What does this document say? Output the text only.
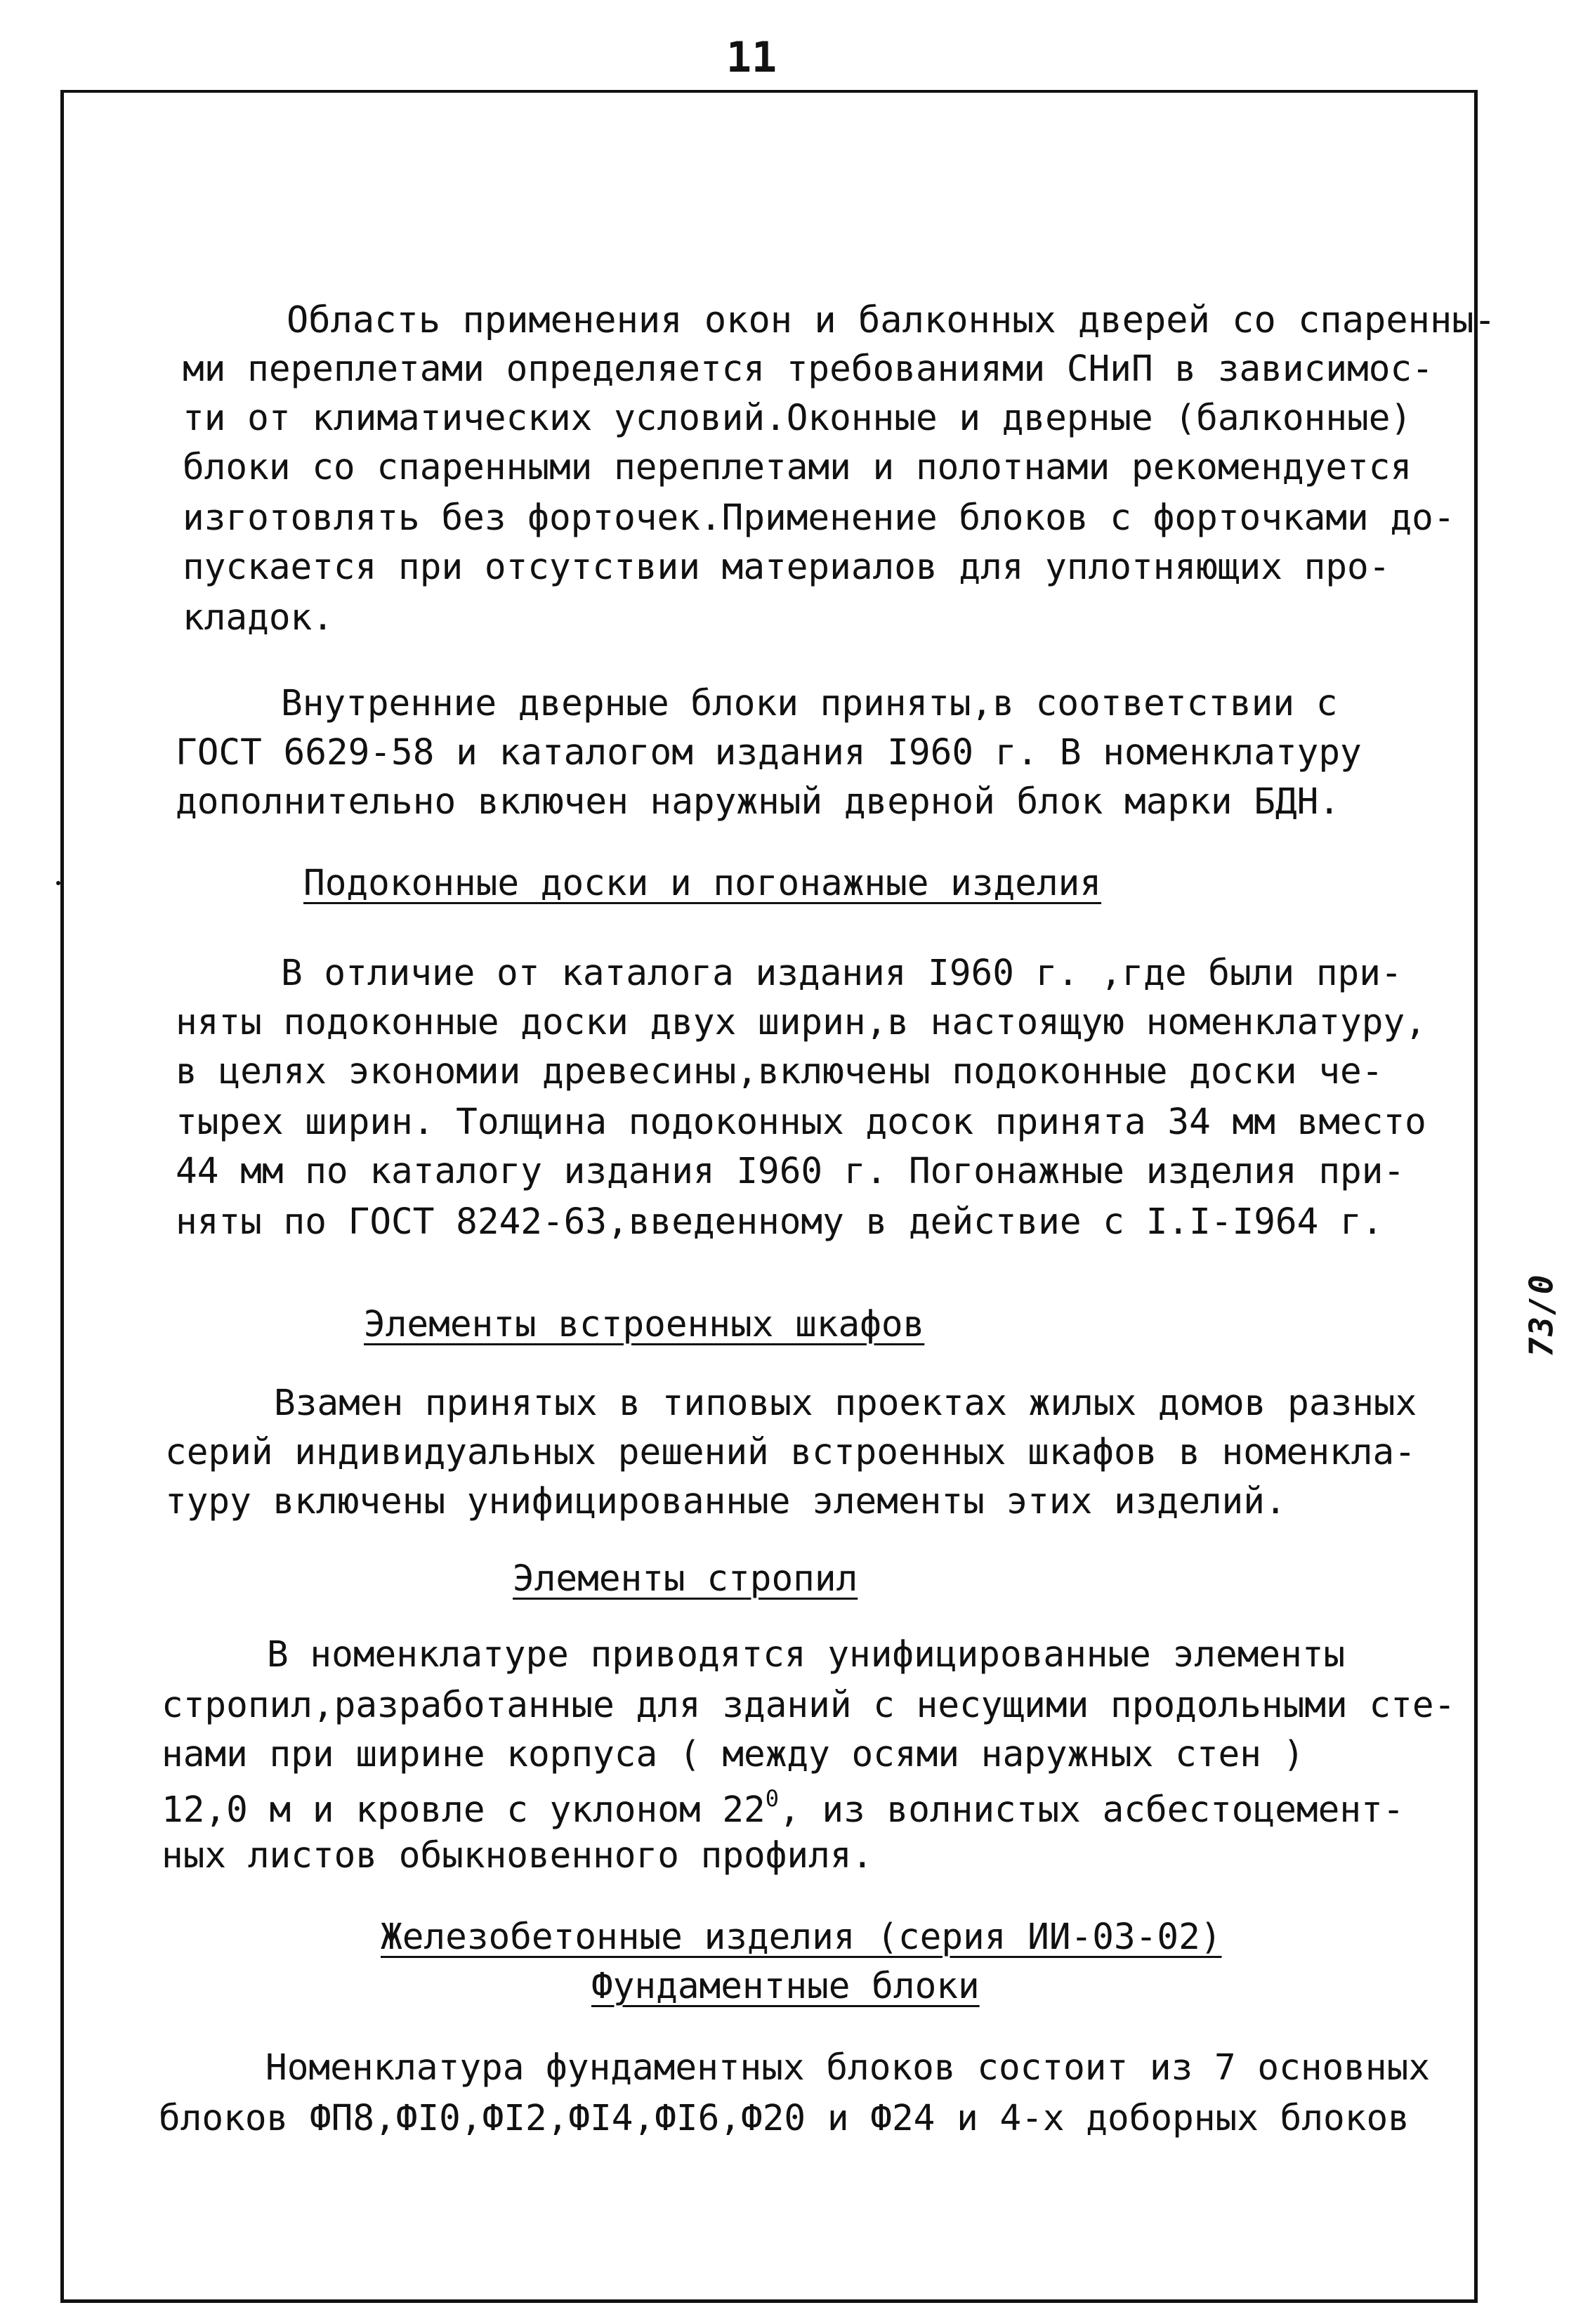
11
73/0
Область применения окон и балконных дверей со спаренны-
ми переплетами определяется требованиями СНиП в зависимос-
ти от климатических условий.Оконные и дверные (балконные)
блоки со спаренными переплетами и полотнами рекомендуется
изготовлять без форточек.Применение блоков с форточками до-
пускается при отсутствии материалов для уплотняющих про-
кладок.
Внутренние дверные блоки приняты,в соответствии с
ГОСТ 6629-58 и каталогом издания I960 г. В номенклатуру
дополнительно включен наружный дверной блок марки БДН.
Подоконные доски и погонажные изделия
В отличие от каталога издания I960 г. ,где были при-
няты подоконные доски двух ширин,в настоящую номенклатуру,
в целях экономии древесины,включены подоконные доски че-
тырех ширин. Толщина подоконных досок принята 34 мм вместо
44 мм по каталогу издания I960 г. Погонажные изделия при-
няты по ГОСТ 8242-63,введенному в действие с I.I-I964 г.
Элементы встроенных шкафов
Взамен принятых в типовых проектах жилых домов разных
серий индивидуальных решений встроенных шкафов в номенкла-
туру включены унифицированные элементы этих изделий.
Элементы стропил
В номенклатуре приводятся унифицированные элементы
стропил,разработанные для зданий с несущими продольными сте-
нами при ширине корпуса ( между осями наружных стен )
12,0 м и кровле с уклоном $22^0$, из волнистых асбестоцемент-
ных листов обыкновенного профиля.
Железобетонные изделия (серия ИИ-03-02)
Фундаментные блоки
Номенклатура фундаментных блоков состоит из 7 основных
блоков ФП8,ФI0,ФI2,ФI4,ФI6,Ф20 и Ф24 и 4-х доборных блоков
